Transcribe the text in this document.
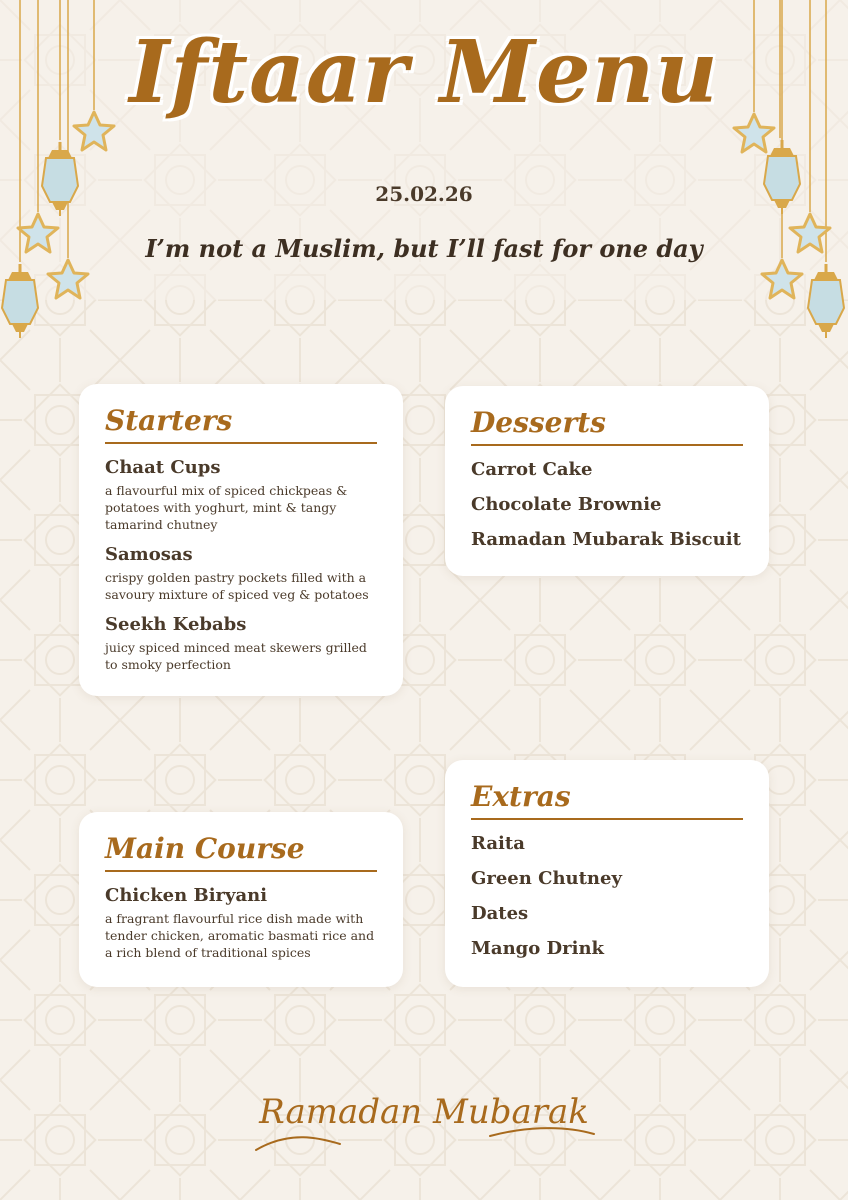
Iftaar Menu
25.02.26
I’m not a Muslim, but I’ll fast for one day
Starters
Chaat Cups
a flavourful mix of spiced chickpeas & potatoes with yoghurt, mint & tangy tamarind chutney
Samosas
crispy golden pastry pockets filled with a savoury mixture of spiced veg & potatoes
Seekh Kebabs
juicy spiced minced meat skewers grilled to smoky perfection
Desserts
Carrot Cake
Chocolate Brownie
Ramadan Mubarak Biscuit
Main Course
Chicken Biryani
a fragrant flavourful rice dish made with tender chicken, aromatic basmati rice and a rich blend of traditional spices
Extras
Raita
Green Chutney
Dates
Mango Drink
Ramadan Mubarak
